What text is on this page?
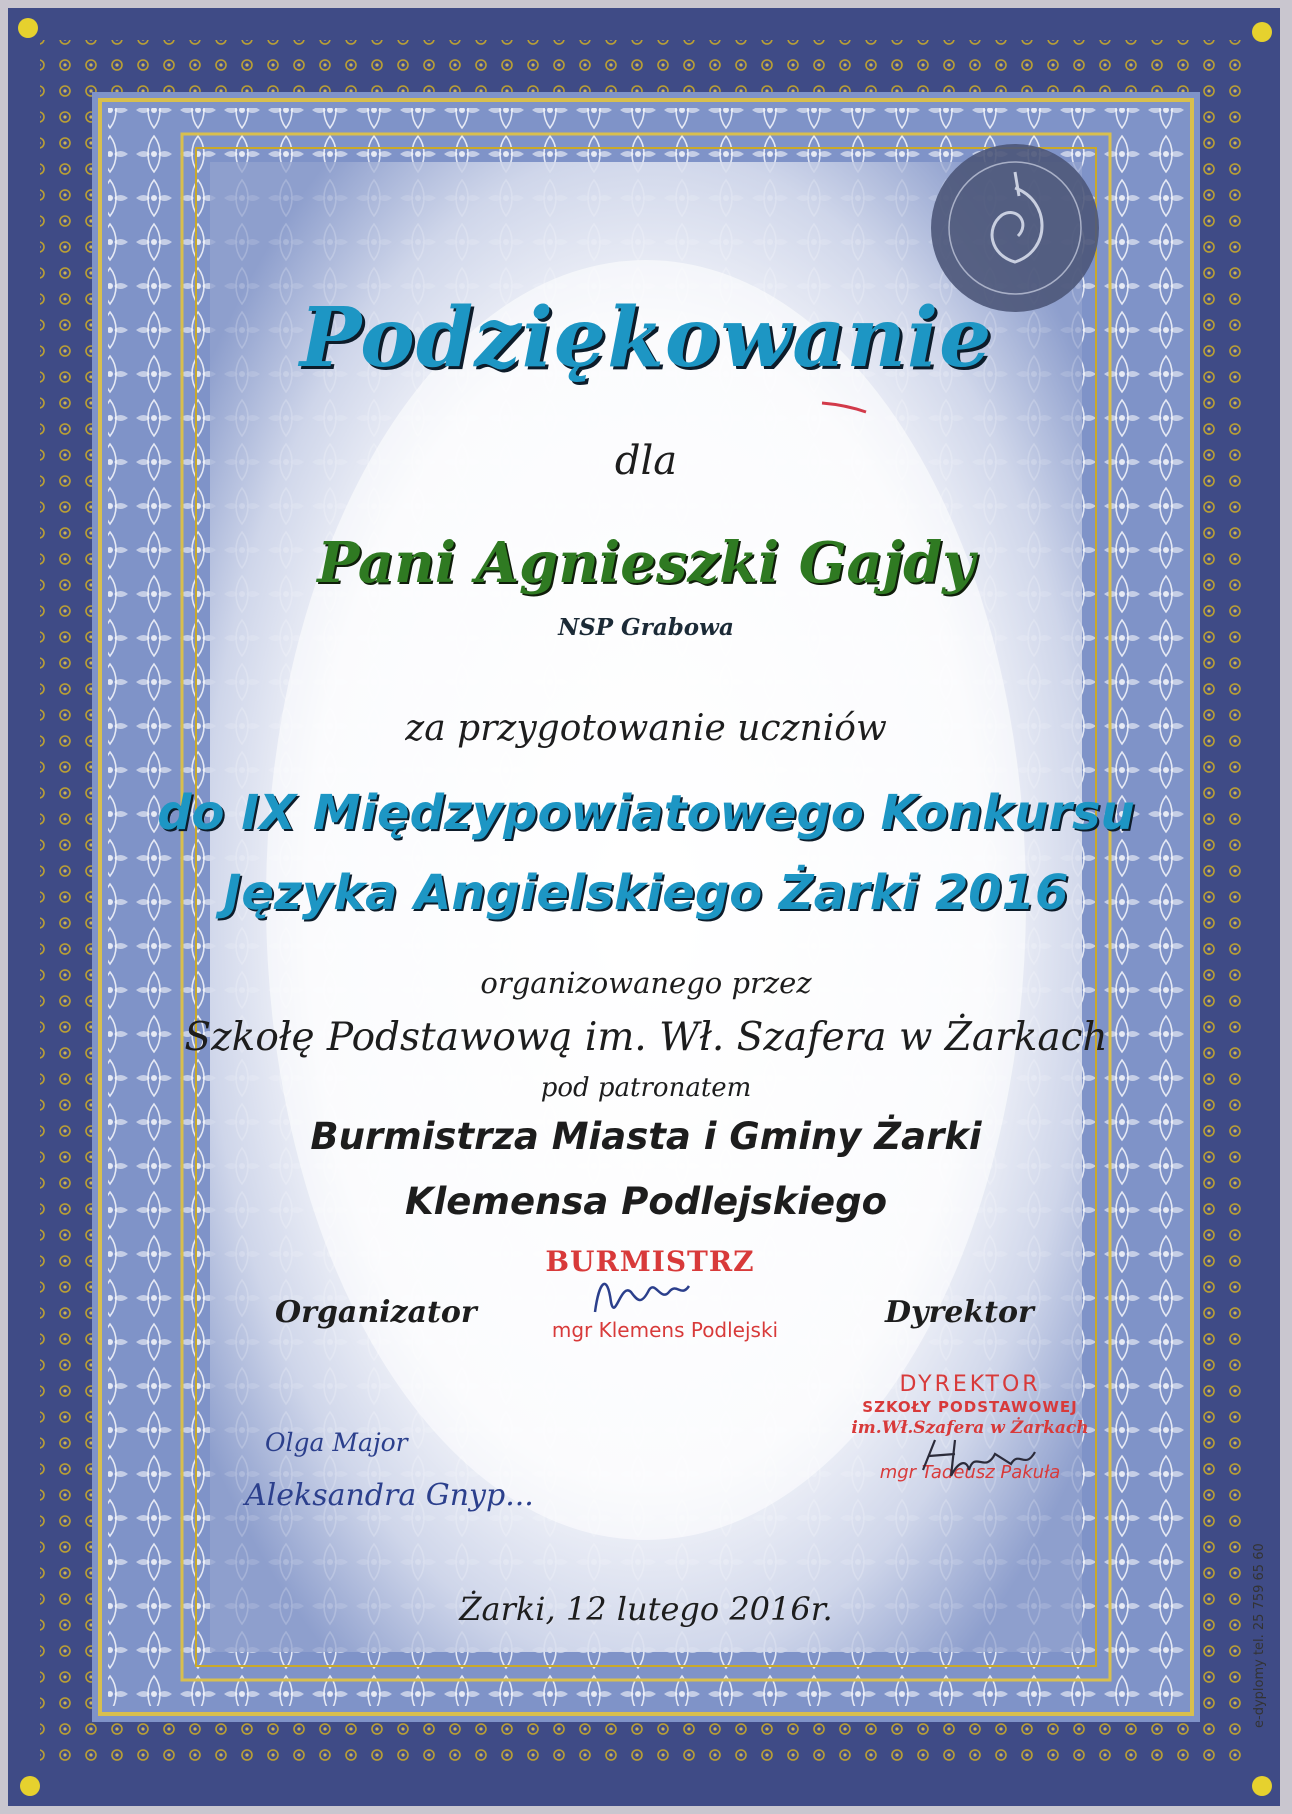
Podziękowanie
dla
Pani Agnieszki Gajdy
NSP Grabowa
za przygotowanie uczniów
do IX Międzypowiatowego Konkursu
Języka Angielskiego Żarki 2016
organizowanego przez
Szkołę Podstawową im. Wł. Szafera w Żarkach
pod patronatem
Burmistrza Miasta i Gminy Żarki
Klemensa Podlejskiego
Organizator	Dyrektor
BURMISTRZ
mgr Klemens Podlejski
DYREKTOR
SZKOŁY PODSTAWOWEJ
im.Wł.Szafera w Żarkach
mgr Tadeusz Pakuła
Olga Major
Aleksandra Gnyp...
Żarki, 12 lutego 2016r.	e-dyplomy tel. 25 759 65 60
